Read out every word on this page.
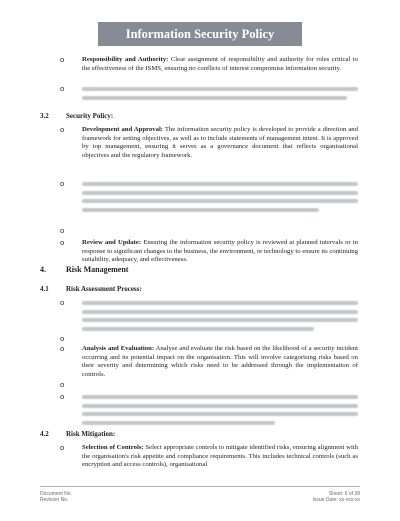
Information Security Policy
o	Responsibility and Authority: Clear assignment of responsibility and authority for roles critical to the effectiveness of the ISMS, ensuring no conflicts of interest compromise information security.
o
3.2 Security Policy:
o	Development and Approval: The information security policy is developed to provide a direction and framework for setting objectives, as well as to include statements of management intent. It is approved by top management, ensuring it serves as a governance document that reflects organisational objectives and the regulatory framework.
o
o
o	Review and Update: Ensuring the information security policy is reviewed at planned intervals or in response to significant changes to the business, the environment, or technology to ensure its continuing suitability, adequacy, and effectiveness.
4.	Risk Management
4.1 Risk Assessment Process:
o
o
o	Analysis and Evaluation: Analyse and evaluate the risk based on the likelihood of a security incident occurring and its potential impact on the organisation. This will involve categorising risks based on their severity and determining which risks need to be addressed through the implementation of controls.
o
o
4.2 Risk Mitigation:
o	Selection of Controls: Select appropriate controls to mitigate identified risks, ensuring alignment with the organisation's risk appetite and compliance requirements. This includes technical controls (such as encryption and access controls), organisational
Document No.
Revision No.
Sheet: 6 of 38
Issue Date: xx-xxx-xx
